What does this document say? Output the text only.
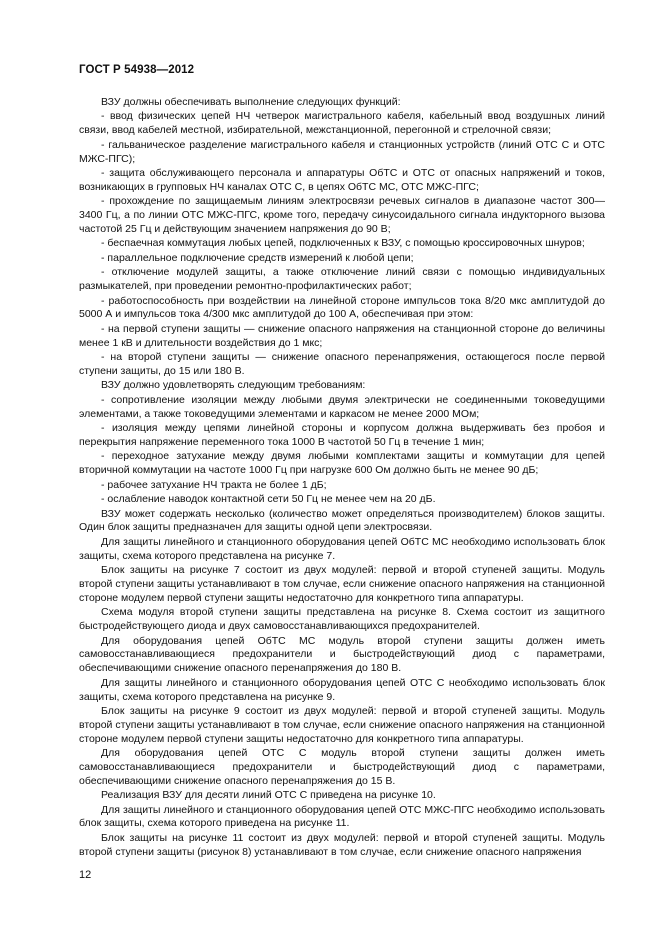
ГОСТ Р 54938—2012

ВЗУ должны обеспечивать выполнение следующих функций:

- ввод физических цепей НЧ четверок магистрального кабеля, кабельный ввод воздушных линий связи, ввод кабелей местной, избирательной, межстанционной, перегонной и стрелочной связи;

- гальваническое разделение магистрального кабеля и станционных устройств (линий ОТС С и ОТС МЖС-ПГС);

- защита обслуживающего персонала и аппаратуры ОбТС и ОТС от опасных напряжений и токов, возникающих в групповых НЧ каналах ОТС С, в цепях ОбТС МС, ОТС МЖС-ПГС;

- прохождение по защищаемым линиям электросвязи речевых сигналов в диапазоне частот 300—3400 Гц, а по линии ОТС МЖС-ПГС, кроме того, передачу синусоидального сигнала индукторного вызова частотой 25 Гц и действующим значением напряжения до 90 В;

- беспаечная коммутация любых цепей, подключенных к ВЗУ, с помощью кроссировочных шнуров;

- параллельное подключение средств измерений к любой цепи;

- отключение модулей защиты, а также отключение линий связи с помощью индивидуальных размыкателей, при проведении ремонтно-профилактических работ;

- работоспособность при воздействии на линейной стороне импульсов тока 8/20 мкс амплитудой до 5000 А и импульсов тока 4/300 мкс амплитудой до 100 А, обеспечивая при этом:

- на первой ступени защиты — снижение опасного напряжения на станционной стороне до величины менее 1 кВ и длительности воздействия до 1 мкс;

- на второй ступени защиты — снижение опасного перенапряжения, остающегося после первой ступени защиты, до 15 или 180 В.

ВЗУ должно удовлетворять следующим требованиям:

- сопротивление изоляции между любыми двумя электрически не соединенными токоведущими элементами, а также токоведущими элементами и каркасом не менее 2000 МОм;

- изоляция между цепями линейной стороны и корпусом должна выдерживать без пробоя и перекрытия напряжение переменного тока 1000 В частотой 50 Гц в течение 1 мин;

- переходное затухание между двумя любыми комплектами защиты и коммутации для цепей вторичной коммутации на частоте 1000 Гц при нагрузке 600 Ом должно быть не менее 90 дБ;

- рабочее затухание НЧ тракта не более 1 дБ;

- ослабление наводок контактной сети 50 Гц не менее чем на 20 дБ.

ВЗУ может содержать несколько (количество может определяться производителем) блоков защиты. Один блок защиты предназначен для защиты одной цепи электросвязи.

Для защиты линейного и станционного оборудования цепей ОбТС МС необходимо использовать блок защиты, схема которого представлена на рисунке 7.

Блок защиты на рисунке 7 состоит из двух модулей: первой и второй ступеней защиты. Модуль второй ступени защиты устанавливают в том случае, если снижение опасного напряжения на станционной стороне модулем первой ступени защиты недостаточно для конкретного типа аппаратуры.

Схема модуля второй ступени защиты представлена на рисунке 8. Схема состоит из защитного быстродействующего диода и двух самовосстанавливающихся предохранителей.

Для оборудования цепей ОбТС МС модуль второй ступени защиты должен иметь самовосстанавливающиеся предохранители и быстродействующий диод с параметрами, обеспечивающими снижение опасного перенапряжения до 180 В.

Для защиты линейного и станционного оборудования цепей ОТС С необходимо использовать блок защиты, схема которого представлена на рисунке 9.

Блок защиты на рисунке 9 состоит из двух модулей: первой и второй ступеней защиты. Модуль второй ступени защиты устанавливают в том случае, если снижение опасного напряжения на станционной стороне модулем первой ступени защиты недостаточно для конкретного типа аппаратуры.

Для оборудования цепей ОТС С модуль второй ступени защиты должен иметь самовосстанавливающиеся предохранители и быстродействующий диод с параметрами, обеспечивающими снижение опасного перенапряжения до 15 В.

Реализация ВЗУ для десяти линий ОТС С приведена на рисунке 10.

Для защиты линейного и станционного оборудования цепей ОТС МЖС-ПГС необходимо использовать блок защиты, схема которого приведена на рисунке 11.

Блок защиты на рисунке 11 состоит из двух модулей: первой и второй ступеней защиты. Модуль второй ступени защиты (рисунок 8) устанавливают в том случае, если снижение опасного напряжения

12
